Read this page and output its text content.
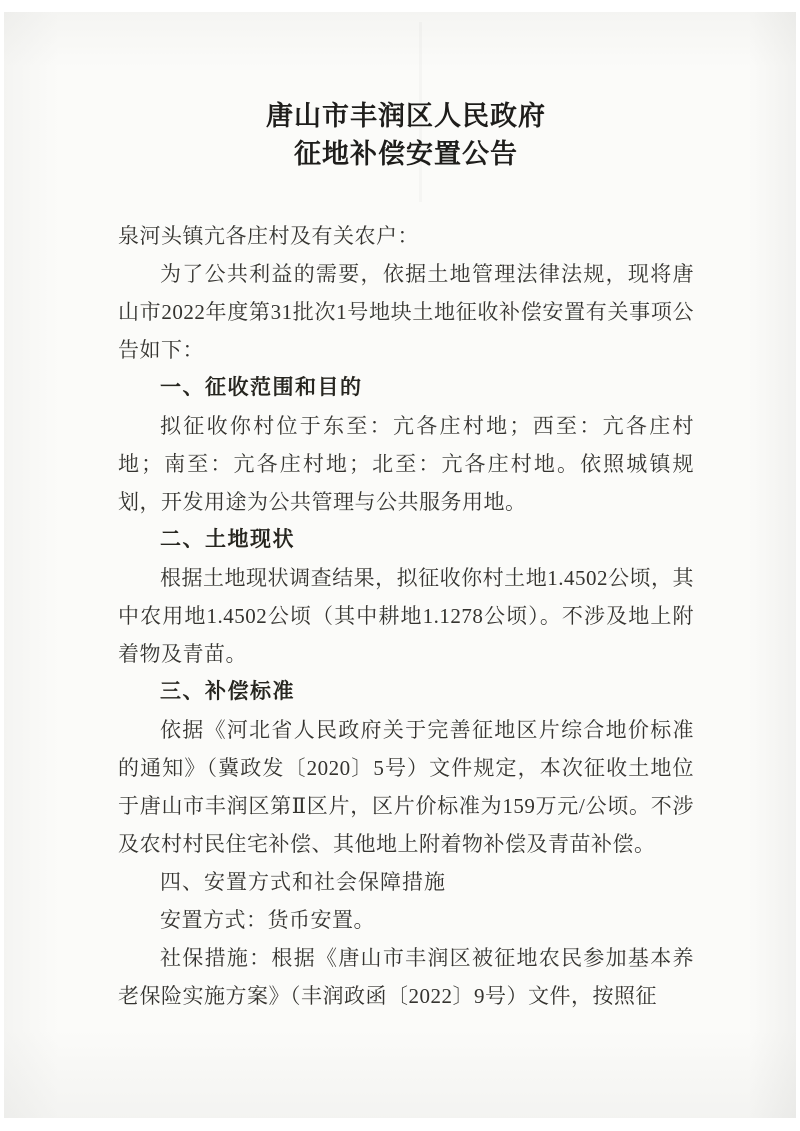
唐山市丰润区人民政府
征地补偿安置公告

泉河头镇亢各庄村及有关农户：

为了公共利益的需要，依据土地管理法律法规，现将唐山市2022年度第31批次1号地块土地征收补偿安置有关事项公告如下：

一、征收范围和目的

拟征收你村位于东至：亢各庄村地；西至：亢各庄村地；南至：亢各庄村地；北至：亢各庄村地。依照城镇规划，开发用途为公共管理与公共服务用地。

二、土地现状

根据土地现状调查结果，拟征收你村土地1.4502公顷，其中农用地1.4502公顷（其中耕地1.1278公顷）。不涉及地上附着物及青苗。

三、补偿标准

依据《河北省人民政府关于完善征地区片综合地价标准的通知》（冀政发〔2020〕5号）文件规定，本次征收土地位于唐山市丰润区第Ⅱ区片，区片价标准为159万元/公顷。不涉及农村村民住宅补偿、其他地上附着物补偿及青苗补偿。

四、安置方式和社会保障措施

安置方式：货币安置。

社保措施：根据《唐山市丰润区被征地农民参加基本养老保险实施方案》（丰润政函〔2022〕9号）文件，按照征
